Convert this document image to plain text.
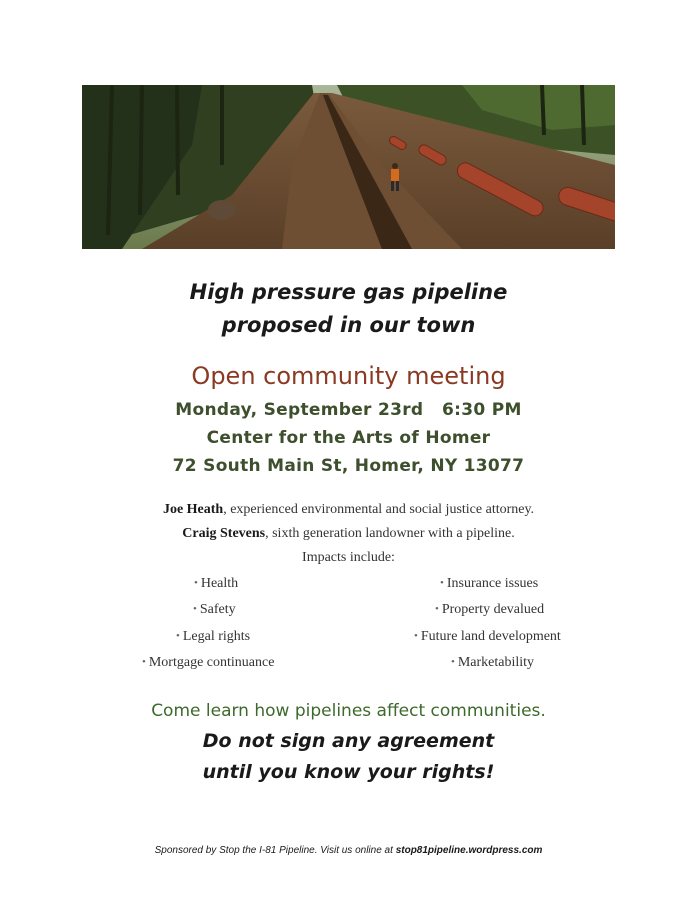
High pressure gas pipeline
proposed in our town
Open community meeting
Monday, September 23rd   6:30 PM
Center for the Arts of Homer
72 South Main St, Homer, NY 13077
Joe Heath, experienced environmental and social justice attorney.
Craig Stevens, sixth generation landowner with a pipeline.
Impacts include:
• Health
• Safety
• Legal rights
• Mortgage continuance
• Insurance issues
• Property devalued
• Future land development
• Marketability
Come learn how pipelines affect communities.
Do not sign any agreement
until you know your rights!
Sponsored by Stop the I-81 Pipeline. Visit us online at stop81pipeline.wordpress.com
